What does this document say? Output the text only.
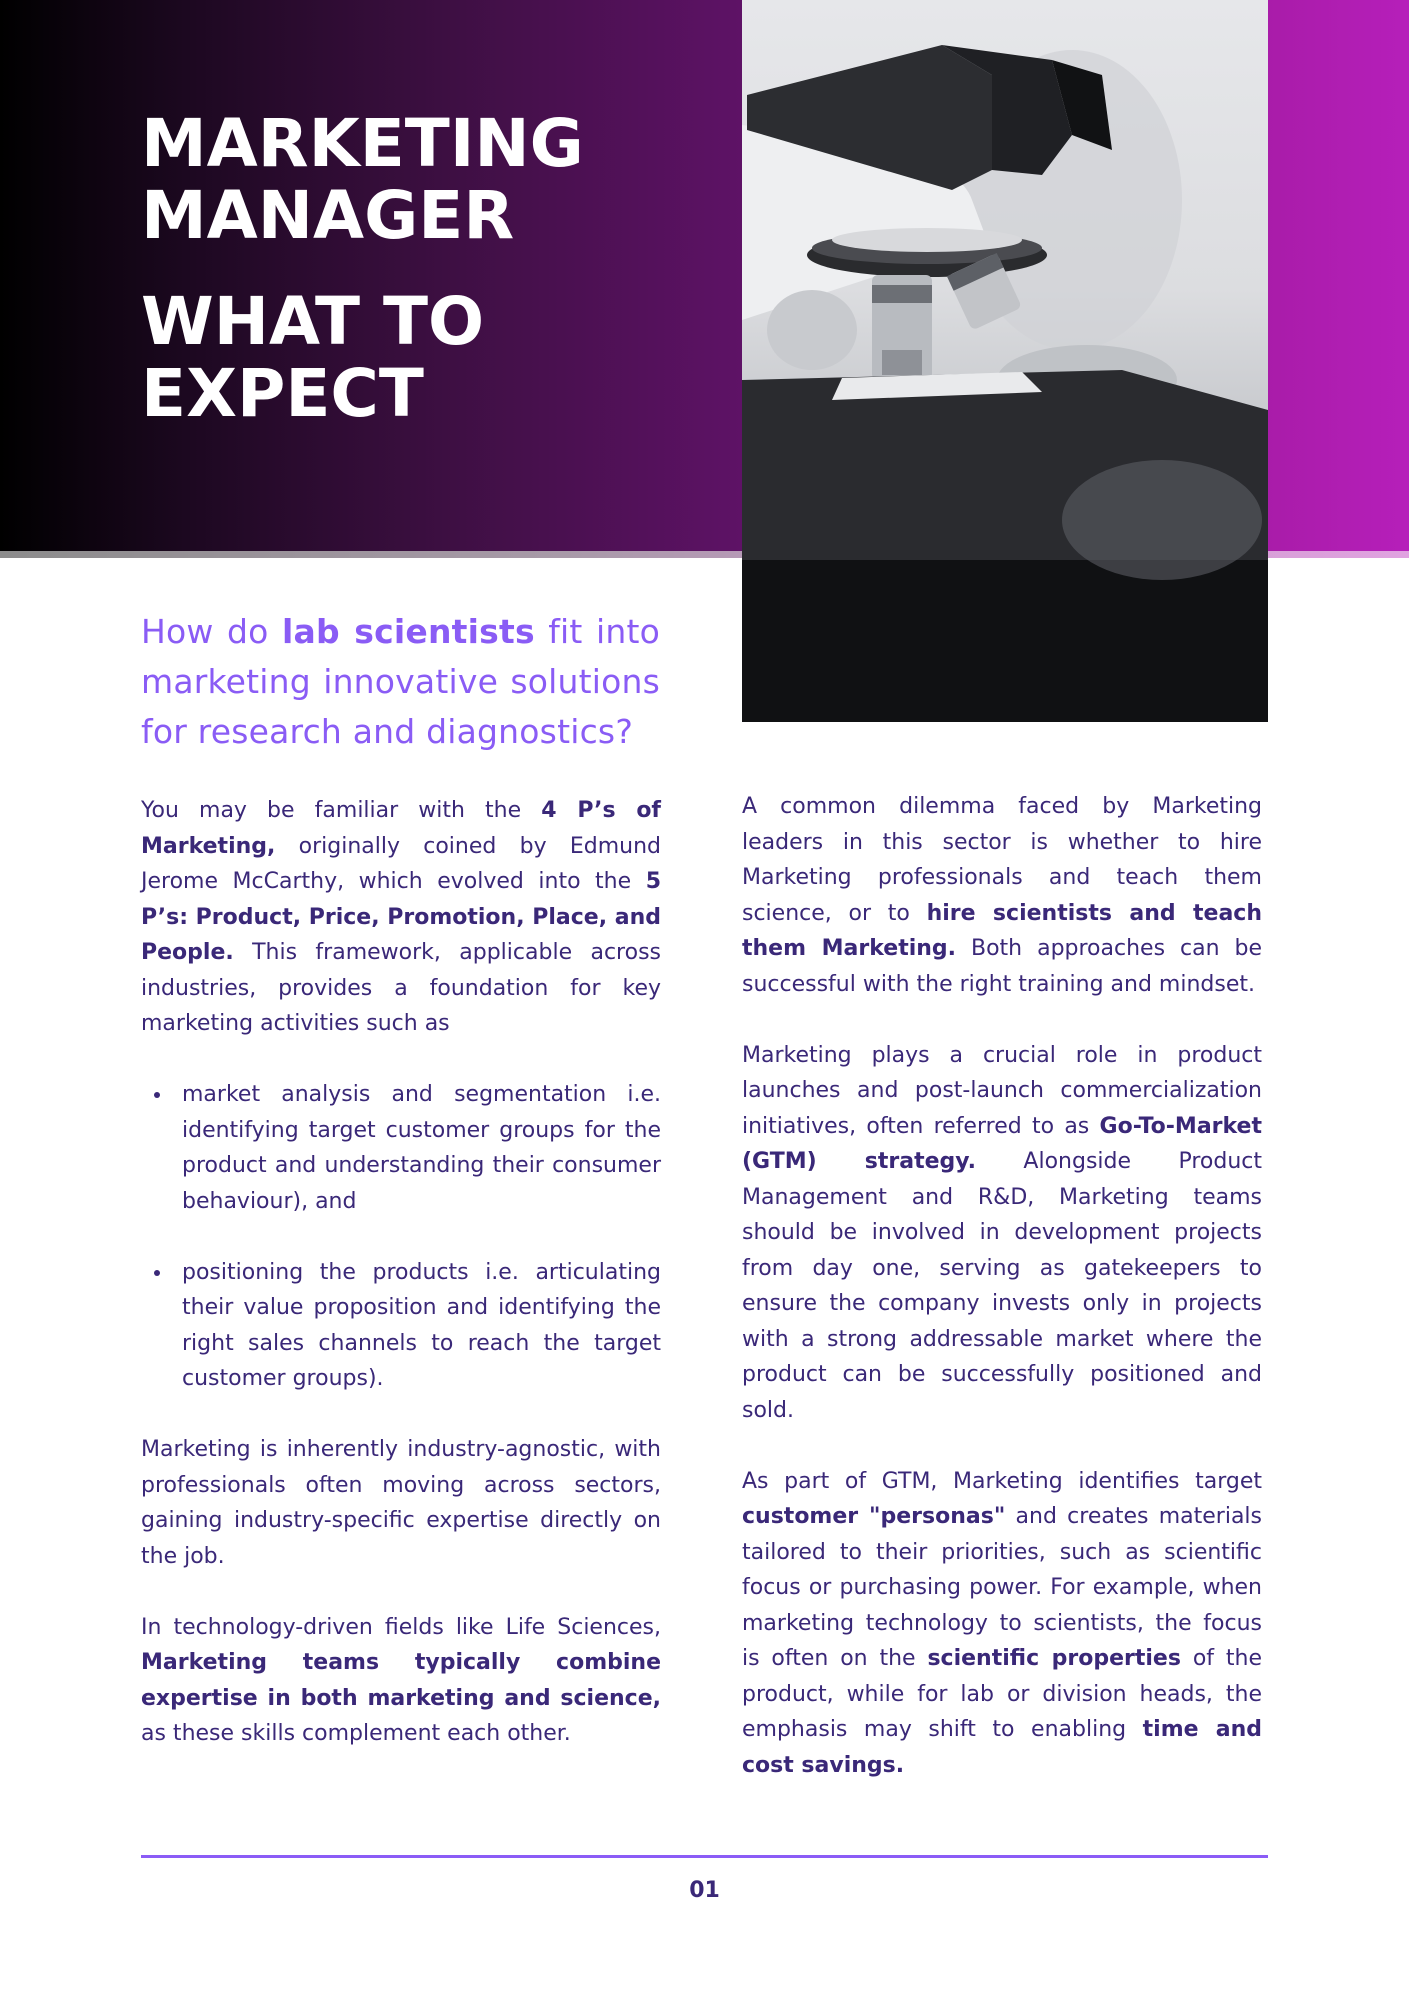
MARKETING
MANAGER
WHAT TO
EXPECT
How do lab scientists fit into marketing innovative solutions for research and diagnostics?

You may be familiar with the 4 P’s of Marketing, originally coined by Edmund Jerome McCarthy, which evolved into the 5 P’s: Product, Price, Promotion, Place, and People. This framework, applicable across industries, provides a foundation for key marketing activities such as

market analysis and segmentation i.e. identifying target customer groups for the product and understanding their consumer behaviour), and
positioning the products i.e. articulating their value proposition and identifying the right sales channels to reach the target customer groups).

Marketing is inherently industry-agnostic, with professionals often moving across sectors, gaining industry-specific expertise directly on the job.

In technology-driven fields like Life Sciences, Marketing teams typically combine expertise in both marketing and science, as these skills complement each other.

A common dilemma faced by Marketing leaders in this sector is whether to hire Marketing professionals and teach them science, or to hire scientists and teach them Marketing. Both approaches can be successful with the right training and mindset.

Marketing plays a crucial role in product launches and post-launch commercialization initiatives, often referred to as Go-To-Market (GTM) strategy. Alongside Product Management and R&D, Marketing teams should be involved in development projects from day one, serving as gatekeepers to ensure the company invests only in projects with a strong addressable market where the product can be successfully positioned and sold.

As part of GTM, Marketing identifies target customer "personas" and creates materials tailored to their priorities, such as scientific focus or purchasing power. For example, when marketing technology to scientists, the focus is often on the scientific properties of the product, while for lab or division heads, the emphasis may shift to enabling time and cost savings.

01
